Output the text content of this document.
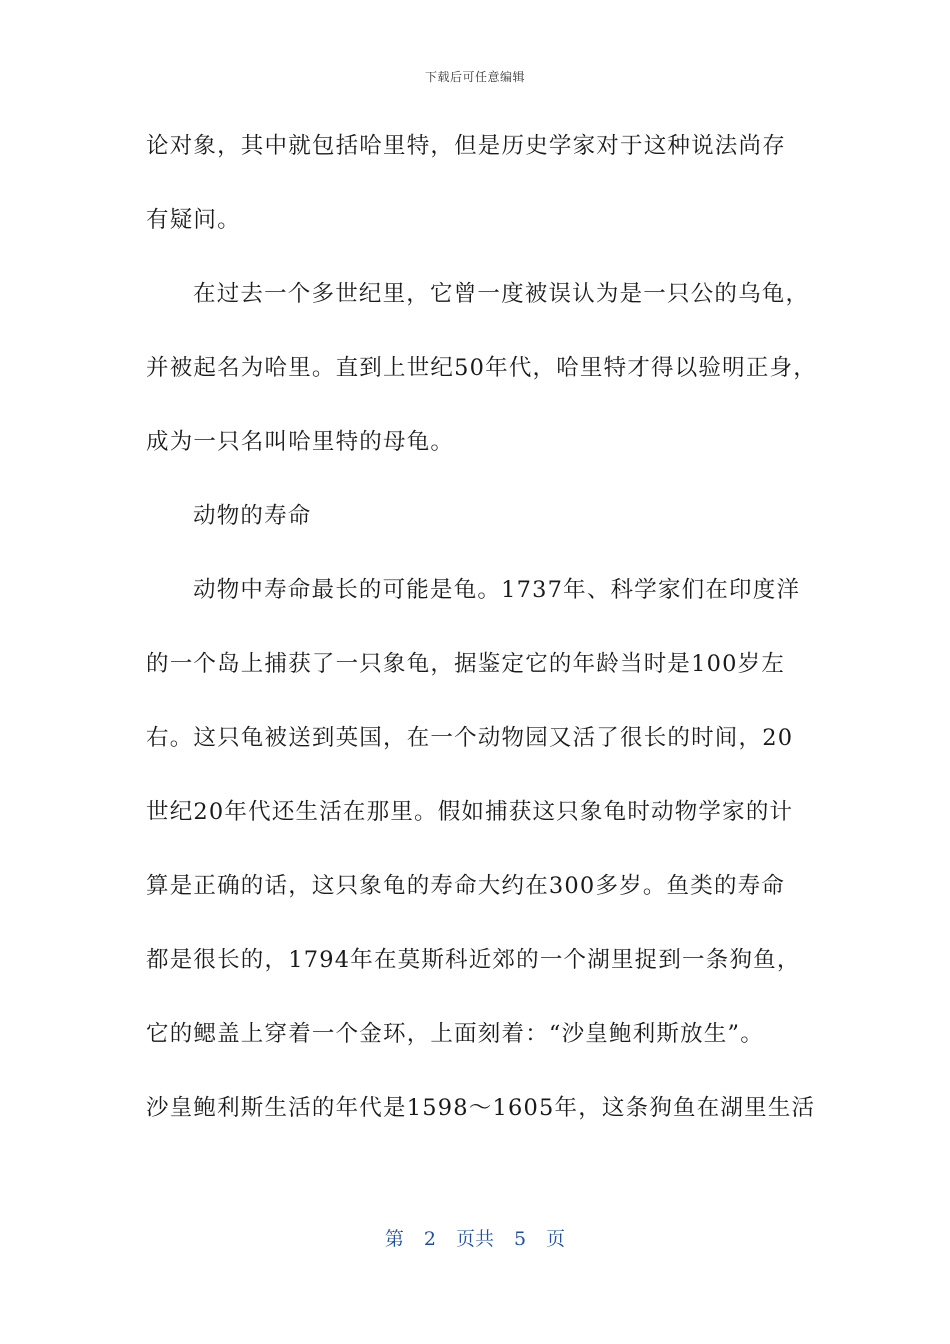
下载后可任意编辑
论对象，其中就包括哈里特，但是历史学家对于这种说法尚存
有疑问。
在过去一个多世纪里，它曾一度被误认为是一只公的乌龟，
并被起名为哈里。直到上世纪50年代，哈里特才得以验明正身，
成为一只名叫哈里特的母龟。
动物的寿命
动物中寿命最长的可能是龟。1737年、科学家们在印度洋
的一个岛上捕获了一只象龟，据鉴定它的年龄当时是100岁左
右。这只龟被送到英国，在一个动物园又活了很长的时间，20
世纪20年代还生活在那里。假如捕获这只象龟时动物学家的计
算是正确的话，这只象龟的寿命大约在300多岁。鱼类的寿命
都是很长的，1794年在莫斯科近郊的一个湖里捉到一条狗鱼，
它的鳃盖上穿着一个金环，上面刻着：“沙皇鲍利斯放生”。
沙皇鲍利斯生活的年代是1598～1605年，这条狗鱼在湖里生活
第 2 页共 5 页
